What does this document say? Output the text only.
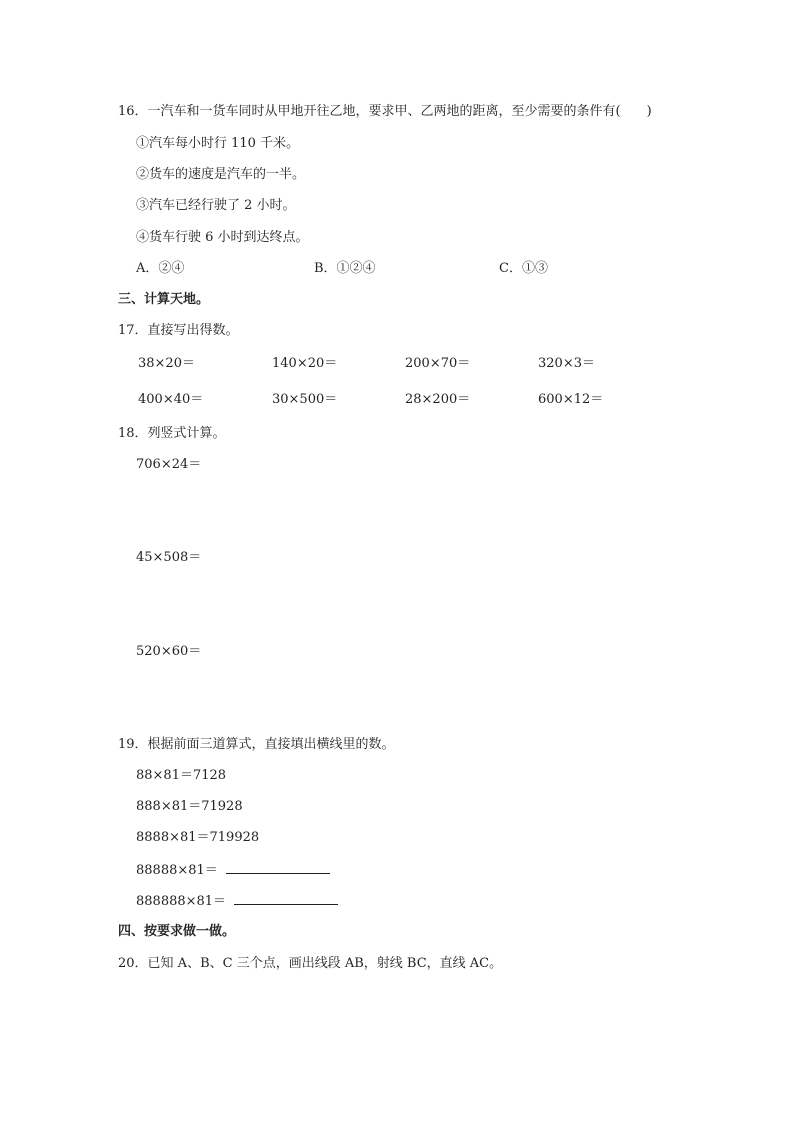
16．一汽车和一货车同时从甲地开往乙地，要求甲、乙两地的距离，至少需要的条件有(　　)
①汽车每小时行 110 千米。
②货车的速度是汽车的一半。
③汽车已经行驶了 2 小时。
④货车行驶 6 小时到达终点。
A．②④	B．①②④	C．①③
三、计算天地。
17．直接写出得数。
38×20＝	140×20＝	200×70＝	320×3＝
400×40＝	30×500＝	28×200＝	600×12＝
18．列竖式计算。
706×24＝
45×508＝
520×60＝
19．根据前面三道算式，直接填出横线里的数。
88×81＝7128
888×81＝71928
8888×81＝719928
88888×81＝
888888×81＝
四、按要求做一做。
20．已知 A、B、C 三个点，画出线段 AB，射线 BC，直线 AC。
